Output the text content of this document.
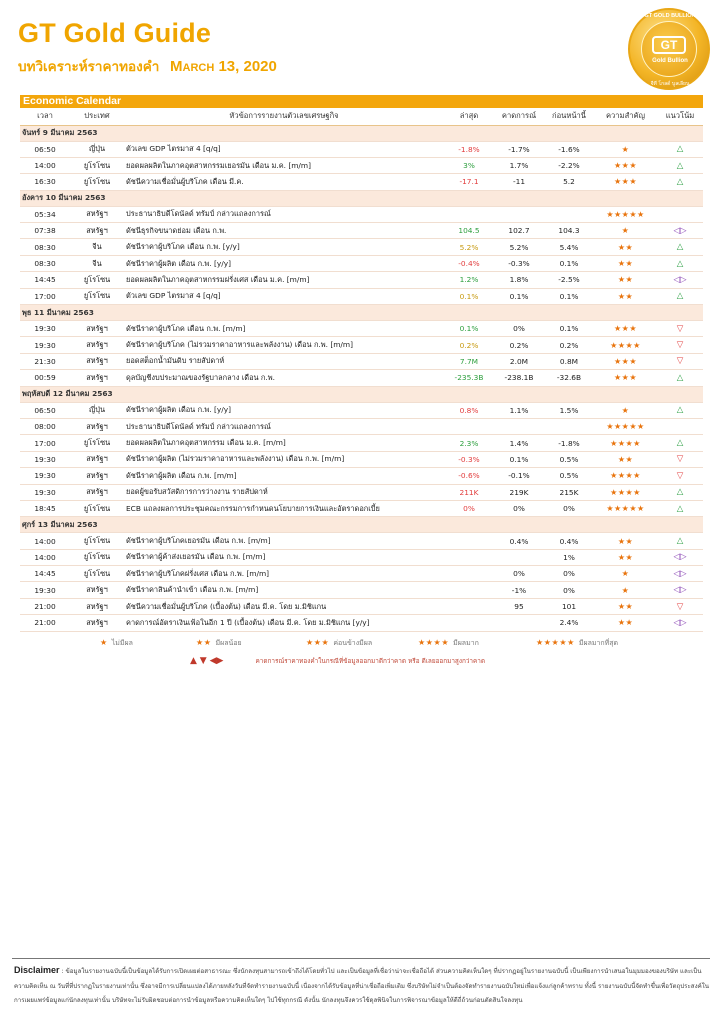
GT Gold Guide
บทวิเคราะห์ราคาทองคำ March 13, 2020
GT GOLD BULLION
GT
Gold Bullion
จีที โกลด์ บูลเลียน
Economic Calendar
เวลา	ประเทศ	หัวข้อการรายงานตัวเลขเศรษฐกิจ	ล่าสุด	คาดการณ์	ก่อนหน้านี้	ความสำคัญ	แนวโน้ม
จันทร์ 9 มีนาคม 2563							
06:50	ญี่ปุ่น	ตัวเลข GDP ไตรมาส 4 [q/q]	-1.8%	-1.7%	-1.6%	★	△
14:00	ยูโรโซน	ยอดผลผลิตในภาคอุตสาหกรรมเยอรมัน เดือน ม.ค. [m/m]	3%	1.7%	-2.2%	★★★	△
16:30	ยูโรโซน	ดัชนีความเชื่อมั่นผู้บริโภค เดือน มี.ค.	-17.1	-11	5.2	★★★	△
อังคาร 10 มีนาคม 2563							
05:34	สหรัฐฯ	ประธานาธิบดีโดนัลด์ ทรัมป์ กล่าวแถลงการณ์				★★★★★	
07:38	สหรัฐฯ	ดัชนีธุรกิจขนาดย่อม เดือน ก.พ.	104.5	102.7	104.3	★	◁▷
08:30	จีน	ดัชนีราคาผู้บริโภค เดือน ก.พ. [y/y]	5.2%	5.2%	5.4%	★★	△
08:30	จีน	ดัชนีราคาผู้ผลิต เดือน ก.พ. [y/y]	-0.4%	-0.3%	0.1%	★★	△
14:45	ยูโรโซน	ยอดผลผลิตในภาคอุตสาหกรรมฝรั่งเศส เดือน ม.ค. [m/m]	1.2%	1.8%	-2.5%	★★	◁▷
17:00	ยูโรโซน	ตัวเลข GDP ไตรมาส 4 [q/q]	0.1%	0.1%	0.1%	★★	△
พุธ 11 มีนาคม 2563							
19:30	สหรัฐฯ	ดัชนีราคาผู้บริโภค เดือน ก.พ. [m/m]	0.1%	0%	0.1%	★★★	▽
19:30	สหรัฐฯ	ดัชนีราคาผู้บริโภค (ไม่รวมราคาอาหารและพลังงาน) เดือน ก.พ. [m/m]	0.2%	0.2%	0.2%	★★★★	▽
21:30	สหรัฐฯ	ยอดสต็อกน้ำมันดิบ รายสัปดาห์	7.7M	2.0M	0.8M	★★★	▽
00:59	สหรัฐฯ	ดุลบัญชีงบประมาณของรัฐบาลกลาง เดือน ก.พ.	-235.3B	-238.1B	-32.6B	★★★	△
พฤหัสบดี 12 มีนาคม 2563							
06:50	ญี่ปุ่น	ดัชนีราคาผู้ผลิต เดือน ก.พ. [y/y]	0.8%	1.1%	1.5%	★	△
08:00	สหรัฐฯ	ประธานาธิบดีโดนัลด์ ทรัมป์ กล่าวแถลงการณ์				★★★★★	
17:00	ยูโรโซน	ยอดผลผลิตในภาคอุตสาหกรรม เดือน ม.ค. [m/m]	2.3%	1.4%	-1.8%	★★★★	△
19:30	สหรัฐฯ	ดัชนีราคาผู้ผลิต (ไม่รวมราคาอาหารและพลังงาน) เดือน ก.พ. [m/m]	-0.3%	0.1%	0.5%	★★	▽
19:30	สหรัฐฯ	ดัชนีราคาผู้ผลิต เดือน ก.พ. [m/m]	-0.6%	-0.1%	0.5%	★★★★	▽
19:30	สหรัฐฯ	ยอดผู้ขอรับสวัสดิการการว่างงาน รายสัปดาห์	211K	219K	215K	★★★★	△
18:45	ยูโรโซน	ECB แถลงผลการประชุมคณะกรรมการกำหนดนโยบายการเงินและอัตราดอกเบี้ย	0%	0%	0%	★★★★★	△
ศุกร์ 13 มีนาคม 2563							
14:00	ยูโรโซน	ดัชนีราคาผู้บริโภคเยอรมัน เดือน ก.พ. [m/m]		0.4%	0.4%	★★	△
14:00	ยูโรโซน	ดัชนีราคาผู้ค้าส่งเยอรมัน เดือน ก.พ. [m/m]			1%	★★	◁▷
14:45	ยูโรโซน	ดัชนีราคาผู้บริโภคฝรั่งเศส เดือน ก.พ. [m/m]		0%	0%	★	◁▷
19:30	สหรัฐฯ	ดัชนีราคาสินค้านำเข้า เดือน ก.พ. [m/m]		-1%	0%	★	◁▷
21:00	สหรัฐฯ	ดัชนีความเชื่อมั่นผู้บริโภค (เบื้องต้น) เดือน มี.ค. โดย ม.มิชิแกน		95	101	★★	▽
21:00	สหรัฐฯ	คาดการณ์อัตราเงินเฟ้อในอีก 1 ปี (เบื้องต้น) เดือน มี.ค. โดย ม.มิชิแกน [y/y]			2.4%	★★	◁▷
★ ไม่มีผล	★★ มีผลน้อย	★★★ ค่อนข้างมีผล	★★★★ มีผลมาก	★★★★★ มีผลมากที่สุด
▲ ▼ ◀▶	คาดการณ์ราคาทองคำในกรณีที่ข้อมูลออกมาดีกว่าคาด หรือ ดีเลยออกมาสูงกว่าคาด
Disclaimer : ข้อมูลในรายงานฉบับนี้เป็นข้อมูลได้รับการเปิดเผยต่อสาธารณะ ซึ่งนักลงทุนสามารถเข้าถึงได้โดยทั่วไป และเป็นข้อมูลที่เชื่อว่าน่าจะเชื่อถือได้ ส่วนความคิดเห็นใดๆ ที่ปรากฏอยู่ในรายงานฉบับนี้ เป็นเพียงการนำเสนอในมุมมองของบริษัท และเป็นความคิดเห็น ณ วันที่ที่ปรากฏในรายงานเท่านั้น ซึ่งอาจมีการเปลี่ยนแปลงได้ภายหลังวันที่จัดทำรายงานฉบับนี้ เนื่องจากได้รับข้อมูลที่น่าเชื่อถือเพิ่มเติม ซึ่งบริษัทไม่จำเป็นต้องจัดทำรายงานฉบับใหม่เพื่อแจ้งแก่ลูกค้าทราบ ทั้งนี้ รายงานฉบับนี้จัดทำขึ้นเพื่อวัตถุประสงค์ในการเผยแพร่ข้อมูลแก่นักลงทุนเท่านั้น บริษัทจะไม่รับผิดชอบต่อการนำข้อมูลหรือความคิดเห็นใดๆ ไปใช้ทุกกรณี ดังนั้น นักลงทุนจึงควรใช้ดุลพินิจในการพิจารณาข้อมูลให้ดีถี่ถ้วนก่อนตัดสินใจลงทุน
